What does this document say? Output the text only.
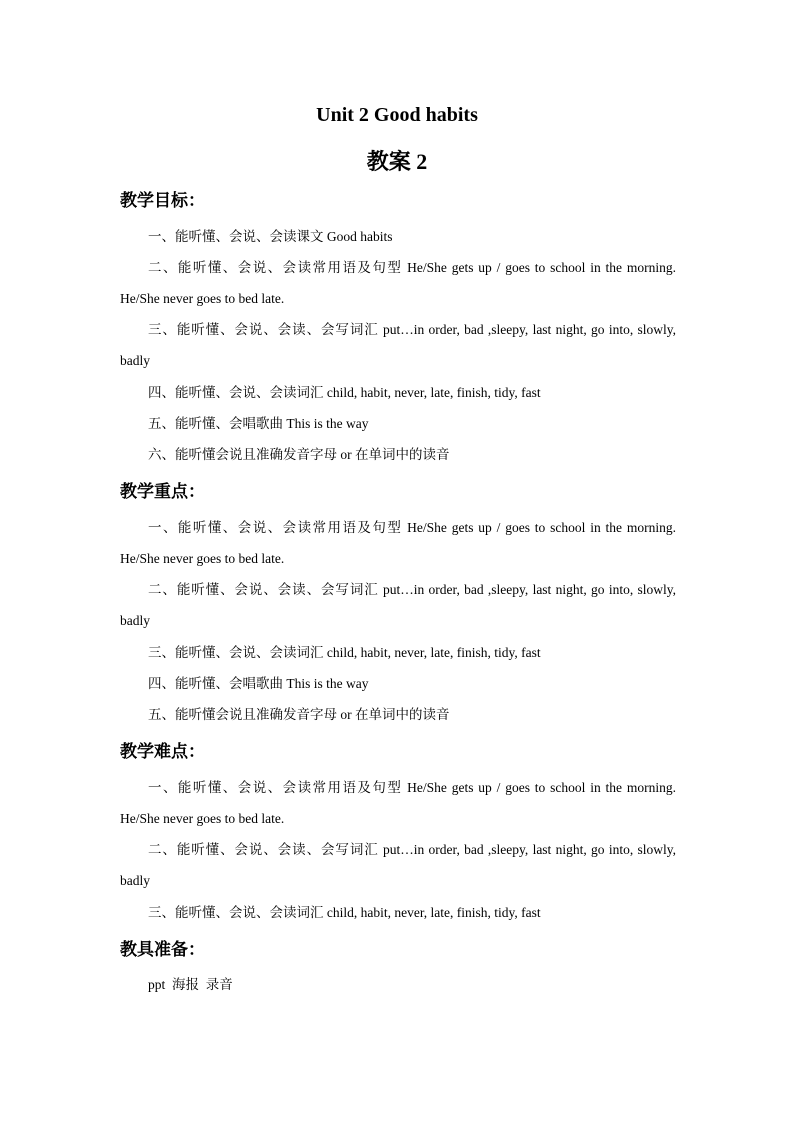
Unit 2 Good habits
教案 2
教学目标：
一、能听懂、会说、会读课文 Good habits
二、能听懂、会说、会读常用语及句型 He/She gets up / goes to school in the morning.
He/She never goes to bed late.
三、能听懂、会说、会读、会写词汇 put…in order, bad ,sleepy, last night, go into, slowly,
badly
四、能听懂、会说、会读词汇 child, habit, never, late, finish, tidy, fast
五、能听懂、会唱歌曲 This is the way
六、能听懂会说且准确发音字母 or 在单词中的读音
教学重点：
一、能听懂、会说、会读常用语及句型 He/She gets up / goes to school in the morning.
He/She never goes to bed late.
二、能听懂、会说、会读、会写词汇 put…in order, bad ,sleepy, last night, go into, slowly,
badly
三、能听懂、会说、会读词汇 child, habit, never, late, finish, tidy, fast
四、能听懂、会唱歌曲 This is the way
五、能听懂会说且准确发音字母 or 在单词中的读音
教学难点：
一、能听懂、会说、会读常用语及句型 He/She gets up / goes to school in the morning.
He/She never goes to bed late.
二、能听懂、会说、会读、会写词汇 put…in order, bad ,sleepy, last night, go into, slowly,
badly
三、能听懂、会说、会读词汇 child, habit, never, late, finish, tidy, fast
教具准备：
ppt  海报  录音
